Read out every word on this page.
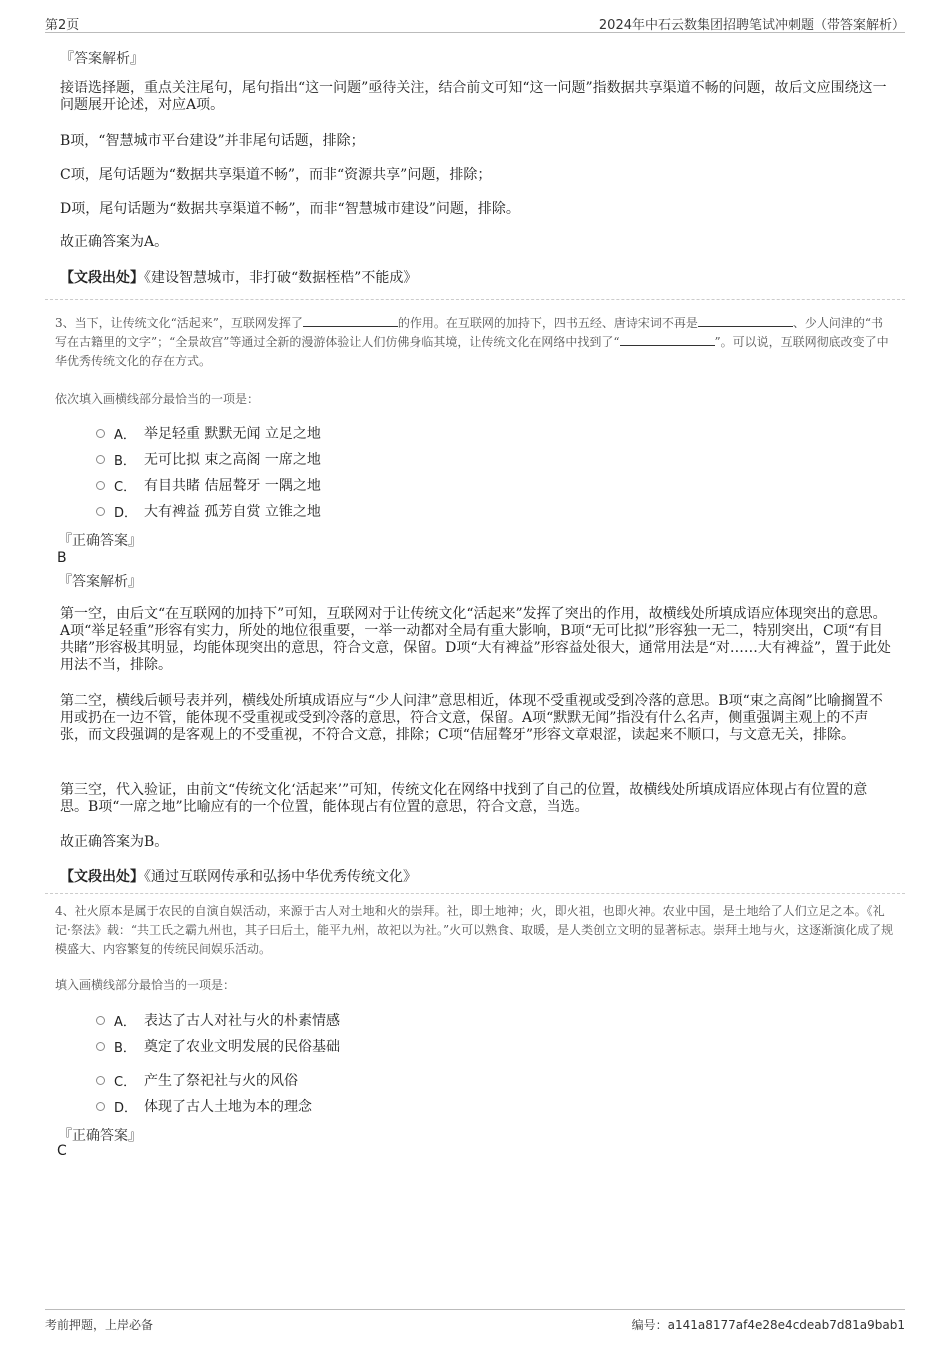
第2页	2024年中石云数集团招聘笔试冲刺题（带答案解析）
『答案解析』
接语选择题，重点关注尾句，尾句指出“这一问题”亟待关注，结合前文可知“这一问题”指数据共享渠道不畅的问题，故后文应围绕这一问题展开论述，对应A项。
B项，“智慧城市平台建设”并非尾句话题，排除；
C项，尾句话题为“数据共享渠道不畅”，而非“资源共享”问题，排除；
D项，尾句话题为“数据共享渠道不畅”，而非“智慧城市建设”问题，排除。
故正确答案为A。
【文段出处】《建设智慧城市，非打破“数据桎梏”不能成》
3、当下，让传统文化“活起来”，互联网发挥了	的作用。在互联网的加持下，四书五经、唐诗宋词不再是	、少人问津的“书写在古籍里的文字”；“全景故宫”等通过全新的漫游体验让人们仿佛身临其境，让传统文化在网络中找到了“	”。可以说，互联网彻底改变了中华优秀传统文化的存在方式。
依次填入画横线部分最恰当的一项是：
A． 举足轻重 默默无闻 立足之地
B． 无可比拟 束之高阁 一席之地
C． 有目共睹 佶屈聱牙 一隅之地
D． 大有裨益 孤芳自赏 立锥之地
『正确答案』
B
『答案解析』
第一空，由后文“在互联网的加持下”可知，互联网对于让传统文化“活起来”发挥了突出的作用，故横线处所填成语应体现突出的意思。A项“举足轻重”形容有实力，所处的地位很重要，一举一动都对全局有重大影响，B项“无可比拟”形容独一无二，特别突出，C项“有目共睹”形容极其明显，均能体现突出的意思，符合文意，保留。D项“大有裨益”形容益处很大，通常用法是“对……大有裨益”，置于此处用法不当，排除。
第二空，横线后顿号表并列，横线处所填成语应与“少人问津”意思相近，体现不受重视或受到冷落的意思。B项“束之高阁”比喻搁置不用或扔在一边不管，能体现不受重视或受到冷落的意思，符合文意，保留。A项“默默无闻”指没有什么名声，侧重强调主观上的不声张，而文段强调的是客观上的不受重视，不符合文意，排除；C项“佶屈聱牙”形容文章艰涩，读起来不顺口，与文意无关，排除。
第三空，代入验证，由前文“传统文化‘活起来’”可知，传统文化在网络中找到了自己的位置，故横线处所填成语应体现占有位置的意思。B项“一席之地”比喻应有的一个位置，能体现占有位置的意思，符合文意，当选。
故正确答案为B。
【文段出处】《通过互联网传承和弘扬中华优秀传统文化》
4、社火原本是属于农民的自演自娱活动，来源于古人对土地和火的崇拜。社，即土地神；火，即火祖，也即火神。农业中国，是土地给了人们立足之本。《礼记·祭法》载：“共工氏之霸九州也，其子曰后土，能平九州，故祀以为社。”火可以熟食、取暖，是人类创立文明的显著标志。崇拜土地与火，这逐渐演化成了规模盛大、内容繁复的传统民间娱乐活动。
填入画横线部分最恰当的一项是：
A． 表达了古人对社与火的朴素情感
B． 奠定了农业文明发展的民俗基础
C． 产生了祭祀社与火的风俗
D． 体现了古人土地为本的理念
『正确答案』
C
考前押题，上岸必备	编号：a141a8177af4e28e4cdeab7d81a9bab1
